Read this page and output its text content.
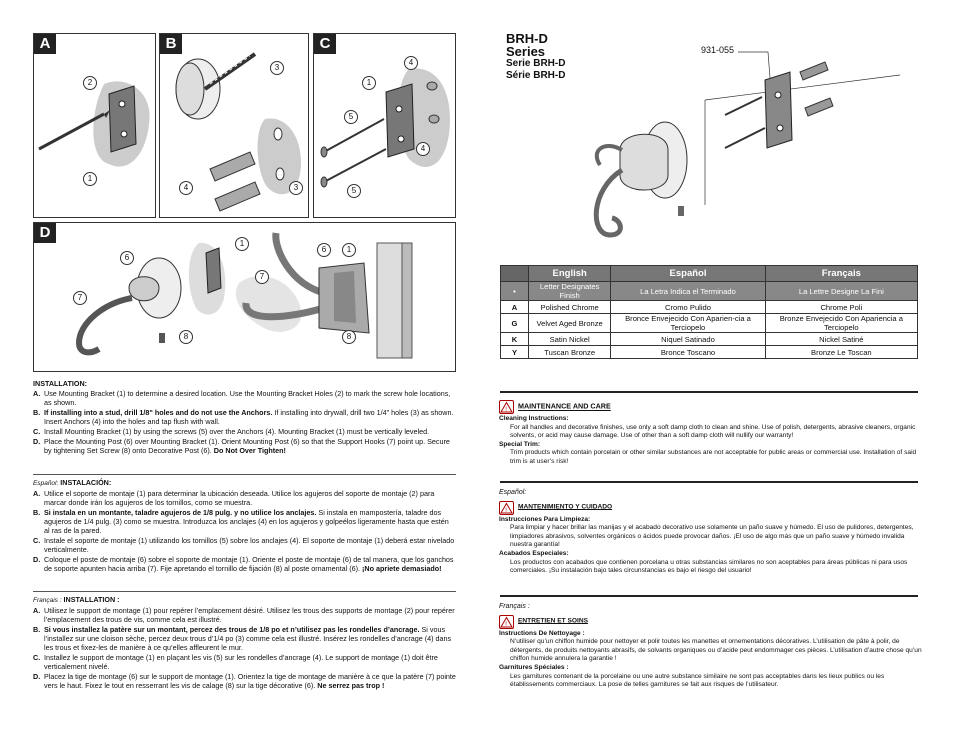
A
2
1
B
3
4	3
C
4
1
5
4
5
D
1
6
7
8
6	1
7
8

INSTALLATION:

A. Use Mounting Bracket (1) to determine a desired location. Use the Mounting Bracket Holes (2) to mark the screw hole locations, as shown.

B. If installing into a stud, drill 1/8" holes and do not use the Anchors. If installing into drywall, drill two 1/4" holes (3) as shown. Insert Anchors (4) into the holes and tap flush with wall.

C. Install Mounting Bracket (1) by using the screws (5) over the Anchors (4). Mounting Bracket (1) must be vertically leveled.

D. Place the Mounting Post (6) over Mounting Bracket (1). Orient Mounting Post (6) so that the Support Hooks (7) point up. Secure by tightening Set Screw (8) onto Decorative Post (6). Do Not Over Tighten!

Español: INSTALACIÓN:

A. Utilice el soporte de montaje (1) para determinar la ubicación deseada. Utilice los agujeros del soporte de montaje (2) para marcar donde irán los agujeros de los tornillos, como se muestra.

B. Si instala en un montante, taladre agujeros de 1/8 pulg. y no utilice los anclajes. Si instala en mampostería, taladre dos agujeros de 1/4 pulg. (3) como se muestra. Introduzca los anclajes (4) en los agujeros y golpeélos ligeramente hasta que estén al ras de la pared.

C. Instale el soporte de montaje (1) utilizando los tornillos (5) sobre los anclajes (4). El soporte de montaje (1) deberá estar nivelado verticalmente.

D. Coloque el poste de montaje (6) sobre el soporte de montaje (1). Oriente el poste de montaje (6) de tal manera, que los ganchos de soporte apunten hacia arriba (7). Fije apretando el tornillo de fijación (8) al poste ornamental (6). ¡No apriete demasiado!

Français : INSTALLATION :

A. Utilisez le support de montage (1) pour repérer l’emplacement désiré. Utilisez les trous des supports de montage (2) pour repérer l’emplacement des trous de vis, comme cela est illustré.

B. Si vous installez la patère sur un montant, percez des trous de 1/8 po et n’utilisez pas les rondelles d’ancrage. Si vous l’installez sur une cloison sèche, percez deux trous d’1/4 po (3) comme cela est illustré. Insérez les rondelles d’ancrage (4) dans les trous et fixez-les de manière à ce qu’elles affleurent le mur.

C. Installez le support de montage (1) en plaçant les vis (5) sur les rondelles d’ancrage (4). Le support de montage (1) doit être verticalement nivelé.

D. Placez la tige de montage (6) sur le support de montage (1). Orientez la tige de montage de manière à ce que la patère (7) pointe vers le haut. Fixez le tout en resserrant les vis de calage (8) sur la tige décorative (6). Ne serrez pas trop !

BRH-D
Series
Serie BRH-D
Série BRH-D
931-055
	English	Español	Français
•	Letter Designates Finish	La Letra Indica el Terminado	La Lettre Designe La Fini
A	Polished Chrome	Cromo Pulido	Chrome Poli
G	Velvet Aged Bronze	Bronce Envejecido Con Aparien-cia a Terciopelo	Bronze Envejecido Con Apariencia a Terciopelo
K	Satin Nickel	Niquel Satinado	Nickel Satiné
Y	Tuscan Bronze	Bronce Toscano	Bronze Le Toscan
! MAINTENANCE AND CARE
Cleaning Instructions:
For all handles and decorative finishes, use only a soft damp cloth to clean and shine. Use of polish, detergents, abrasive cleaners, organic solvents, or acid may cause damage. Use of other than a soft damp cloth will nullify our warranty!
Special Trim:
Trim products which contain porcelain or other similar substances are not acceptable for public areas or commercial use. Installation of said trim is at user’s risk!
Español:
!
MANTENIMIENTO Y CUIDADO
Instrucciones Para Limpieza:
Para limpiar y hacer brillar las manijas y el acabado decorativo use solamente un paño suave y húmedo. El uso de pulidores, detergentes, limpiadores abrasivos, solventes orgánicos o ácidos puede provocar daños. ¡El uso de algo más que un paño suave y húmedo invalida nuestra garantía!
Acabados Especiales:
Los productos con acabados que contienen porcelana u otras substancias similares no son aceptables para áreas públicas ni para usos comerciales. ¡Su instalación bajo tales circunstancias es bajo el riesgo del usuario!
Français :
!
ENTRETIEN ET SOINS
Instructions De Nettoyage :
N’utiliser qu’un chiffon humide pour nettoyer et polir toutes les manettes et ornementations décoratives. L’utilisation de pâte à polir, de détergents, de produits nettoyants abrasifs, de solvants organiques ou d’acide peut endommager ces pièces. L’utilisation d’autre chose qu’un chiffon humide annulera la garantie !
Garnitures Spéciales :
Les garnitures contenant de la porcelaine ou une autre substance similaire ne sont pas acceptables dans les lieux publics ou les établissements commerciaux. La pose de telles garnitures se fait aux risques de l’utilisateur.
